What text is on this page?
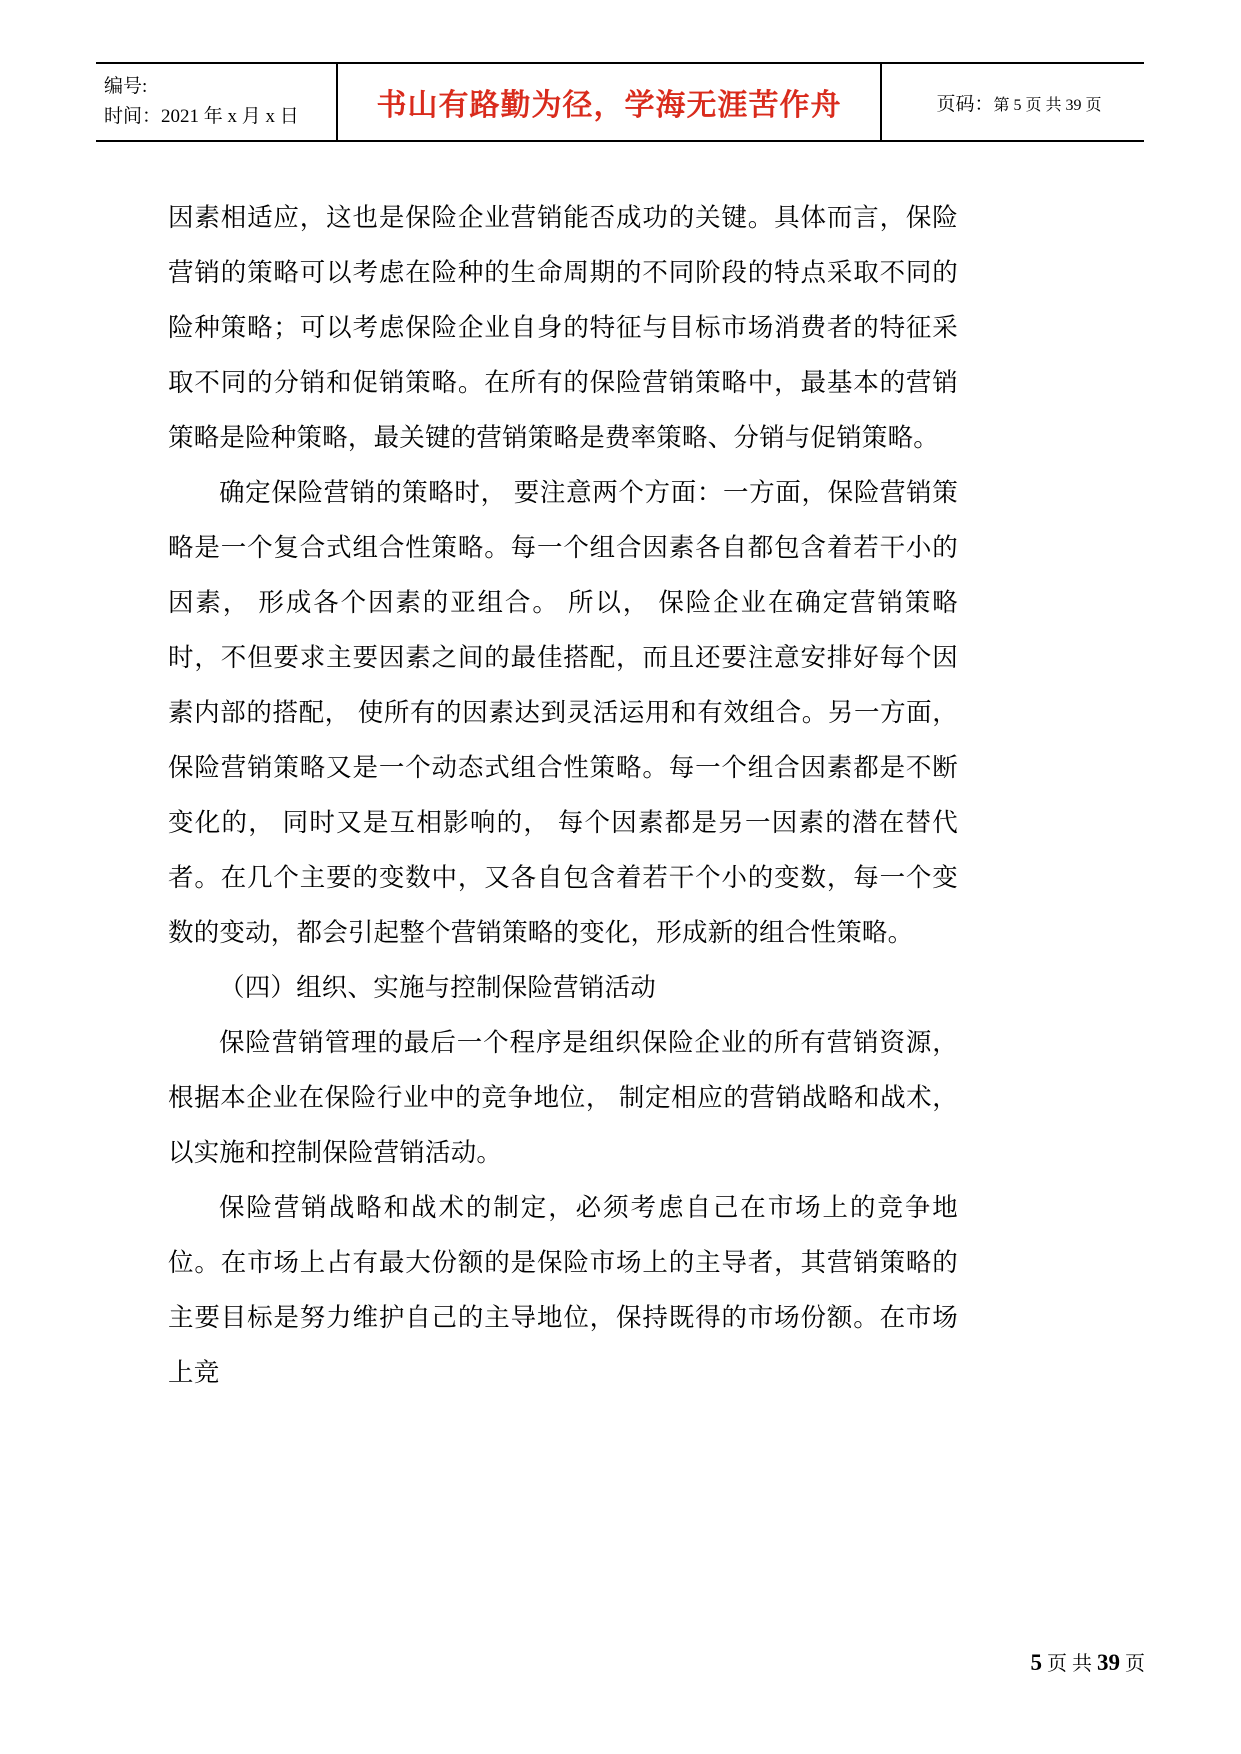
编号:
时间：2021 年 x 月 x 日	书山有路勤为径，学海无涯苦作舟	页码：第 5 页 共 39 页

因素相适应，这也是保险企业营销能否成功的关键。具体而言，保险营销的策略可以考虑在险种的生命周期的不同阶段的特点采取不同的险种策略；可以考虑保险企业自身的特征与目标市场消费者的特征采取不同的分销和促销策略。在所有的保险营销策略中，最基本的营销策略是险种策略，最关键的营销策略是费率策略、分销与促销策略。

确定保险营销的策略时， 要注意两个方面：一方面，保险营销策略是一个复合式组合性策略。每一个组合因素各自都包含着若干小的因素， 形成各个因素的亚组合。 所以， 保险企业在确定营销策略时，不但要求主要因素之间的最佳搭配，而且还要注意安排好每个因素内部的搭配， 使所有的因素达到灵活运用和有效组合。另一方面，保险营销策略又是一个动态式组合性策略。每一个组合因素都是不断变化的， 同时又是互相影响的， 每个因素都是另一因素的潜在替代者。在几个主要的变数中，又各自包含着若干个小的变数，每一个变数的变动，都会引起整个营销策略的变化，形成新的组合性策略。

（四）组织、实施与控制保险营销活动

保险营销管理的最后一个程序是组织保险企业的所有营销资源，根据本企业在保险行业中的竞争地位， 制定相应的营销战略和战术，以实施和控制保险营销活动。

保险营销战略和战术的制定，必须考虑自己在市场上的竞争地位。在市场上占有最大份额的是保险市场上的主导者，其营销策略的主要目标是努力维护自己的主导地位，保持既得的市场份额。在市场上竞

5 页 共 39 页
